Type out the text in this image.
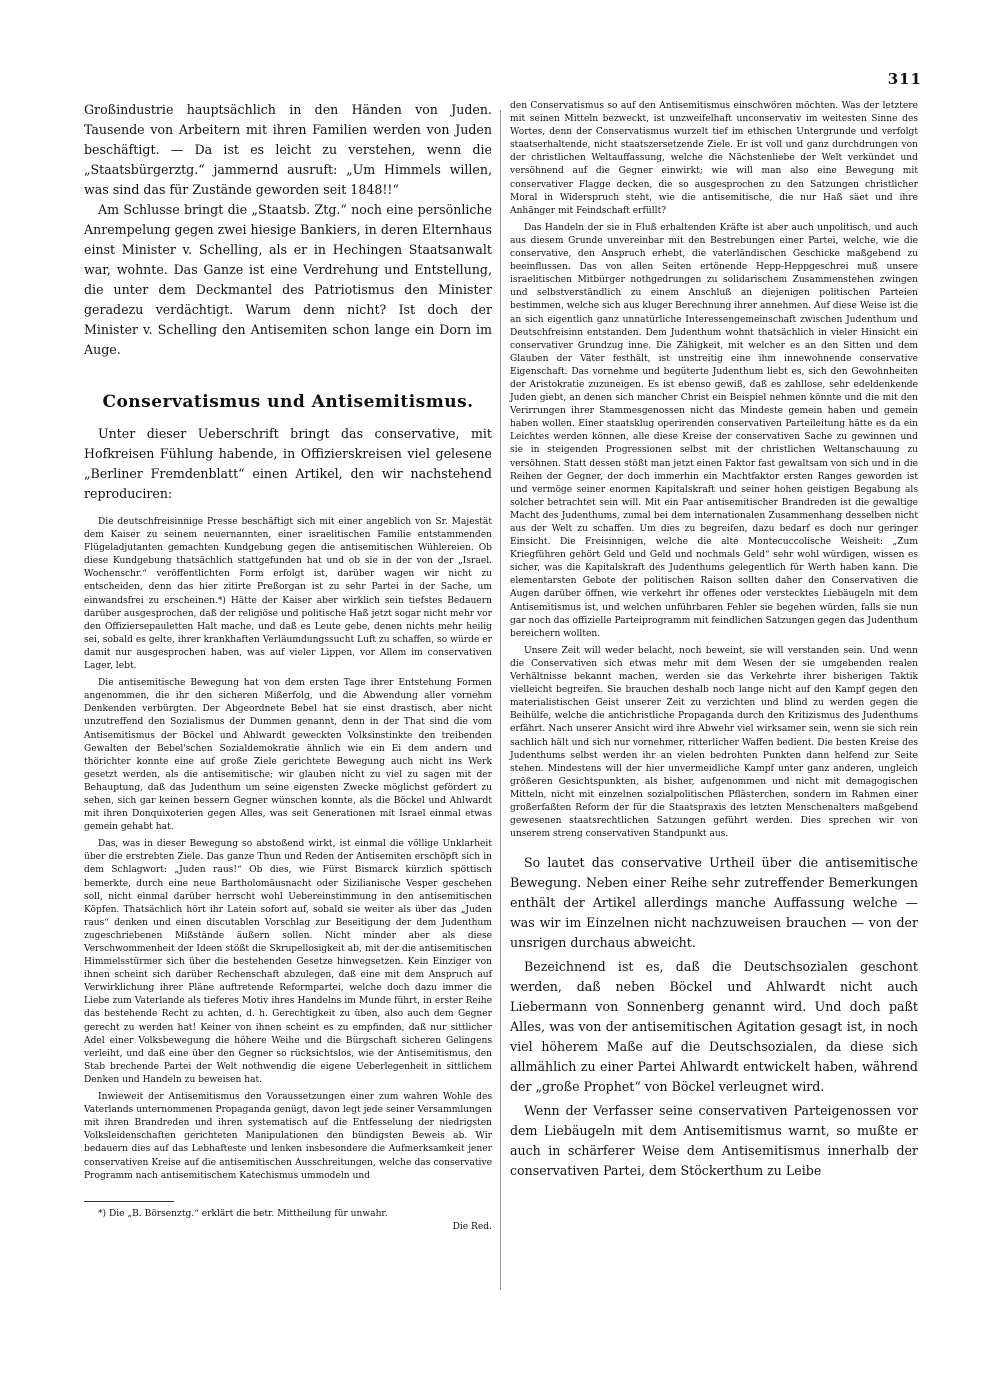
311

Großindustrie hauptsächlich in den Händen von Juden. Tausende von Arbeitern mit ihren Familien werden von Juden beschäftigt. — Da ist es leicht zu verstehen, wenn die „Staatsbürgerztg.“ jammernd ausruft: „Um Himmels willen, was sind das für Zustände geworden seit 1848!!“

Am Schlusse bringt die „Staatsb. Ztg.“ noch eine persönliche Anrempelung gegen zwei hiesige Bankiers, in deren Elternhaus einst Minister v. Schelling, als er in Hechingen Staatsanwalt war, wohnte. Das Ganze ist eine Verdrehung und Entstellung, die unter dem Deckmantel des Patriotismus den Minister geradezu verdächtigt. Warum denn nicht? Ist doch der Minister v. Schelling den Antisemiten schon lange ein Dorn im Auge.

Conservatismus und Antisemitismus.

Unter dieser Ueberschrift bringt das conservative, mit Hofkreisen Fühlung habende, in Offizierskreisen viel gelesene „Berliner Fremdenblatt“ einen Artikel, den wir nachstehend reproduciren:

Die deutschfreisinnige Presse beschäftigt sich mit einer angeblich von Sr. Majestät dem Kaiser zu seinem neuernannten, einer israelitischen Familie entstammenden Flügeladjutanten gemachten Kundgebung gegen die antisemitischen Wühlereien. Ob diese Kundgebung thatsächlich stattgefunden hat und ob sie in der von der „Israel. Wochenschr.“ veröffentlichten Form erfolgt ist, darüber wagen wir nicht zu entscheiden, denn das hier zitirte Preßorgan ist zu sehr Partei in der Sache, um einwandsfrei zu erscheinen.*) Hätte der Kaiser aber wirklich sein tiefstes Bedauern darüber ausgesprochen, daß der religiöse und politische Haß jetzt sogar nicht mehr vor den Offiziersepauletten Halt mache, und daß es Leute gebe, denen nichts mehr heilig sei, sobald es gelte, ihrer krankhaften Verläumdungssucht Luft zu schaffen, so würde er damit nur ausgesprochen haben, was auf vieler Lippen, vor Allem im conservativen Lager, lebt.

Die antisemitische Bewegung hat von dem ersten Tage ihrer Entstehung Formen angenommen, die ihr den sicheren Mißerfolg, und die Abwendung aller vornehm Denkenden verbürgten. Der Abgeordnete Bebel hat sie einst drastisch, aber nicht unzutreffend den Sozialismus der Dummen genannt, denn in der That sind die vom Antisemitismus der Böckel und Ahlwardt geweckten Volksinstinkte den treibenden Gewalten der Bebel'schen Sozialdemokratie ähnlich wie ein Ei dem andern und thörichter konnte eine auf große Ziele gerichtete Bewegung auch nicht ins Werk gesetzt werden, als die antisemitische; wir glauben nicht zu viel zu sagen mit der Behauptung, daß das Judenthum um seine eigensten Zwecke möglichst gefördert zu sehen, sich gar keinen bessern Gegner wünschen konnte, als die Böckel und Ahlwardt mit ihren Donquixoterien gegen Alles, was seit Generationen mit Israel einmal etwas gemein gehabt hat.

Das, was in dieser Bewegung so abstoßend wirkt, ist einmal die völlige Unklarheit über die erstrebten Ziele. Das ganze Thun und Reden der Antisemiten erschöpft sich in dem Schlagwort: „Juden raus!“ Ob dies, wie Fürst Bismarck kürzlich spöttisch bemerkte, durch eine neue Bartholomäusnacht oder Sizilianische Vesper geschehen soll, nicht einmal darüber herrscht wohl Uebereinstimmung in den antisemitischen Köpfen. Thatsächlich hört ihr Latein sofort auf, sobald sie weiter als über das „Juden raus“ denken und einen discutablen Vorschlag zur Beseitigung der dem Judenthum zugeschriebenen Mißstände äußern sollen. Nicht minder aber als diese Verschwommenheit der Ideen stößt die Skrupellosigkeit ab, mit der die antisemitischen Himmelsstürmer sich über die bestehenden Gesetze hinwegsetzen. Kein Einziger von ihnen scheint sich darüber Rechenschaft abzulegen, daß eine mit dem Anspruch auf Verwirklichung ihrer Pläne auftretende Reformpartei, welche doch dazu immer die Liebe zum Vaterlande als tieferes Motiv ihres Handelns im Munde führt, in erster Reihe das bestehende Recht zu achten, d. h. Gerechtigkeit zu üben, also auch dem Gegner gerecht zu werden hat! Keiner von ihnen scheint es zu empfinden, daß nur sittlicher Adel einer Volksbewegung die höhere Weihe und die Bürgschaft sicheren Gelingens verleiht, und daß eine über den Gegner so rücksichtslos, wie der Antisemitismus, den Stab brechende Partei der Welt nothwendig die eigene Ueberlegenheit in sittlichem Denken und Handeln zu beweisen hat.

Inwieweit der Antisemitismus den Voraussetzungen einer zum wahren Wohle des Vaterlands unternommenen Propaganda genügt, davon legt jede seiner Versammlungen mit ihren Brandreden und ihren systematisch auf die Entfesselung der niedrigsten Volksleidenschaften gerichteten Manipulationen den bündigsten Beweis ab. Wir bedauern dies auf das Lebhafteste und lenken insbesondere die Aufmerksamkeit jener conservativen Kreise auf die antisemitischen Ausschreitungen, welche das conservative Programm nach antisemitischem Katechismus ummodeln und

*) Die „B. Börsenztg.“ erklärt die betr. Mittheilung für unwahr.

Die Red.

den Conservatismus so auf den Antisemitismus einschwören möchten. Was der letztere mit seinen Mitteln bezweckt, ist unzweifelhaft unconservativ im weitesten Sinne des Wortes, denn der Conservatismus wurzelt tief im ethischen Untergrunde und verfolgt staatserhaltende, nicht staatszersetzende Ziele. Er ist voll und ganz durchdrungen von der christlichen Weltauffassung, welche die Nächstenliebe der Welt verkündet und versöhnend auf die Gegner einwirkt; wie will man also eine Bewegung mit conservativer Flagge decken, die so ausgesprochen zu den Satzungen christlicher Moral in Widerspruch steht, wie die antisemitische, die nur Haß säet und ihre Anhänger mit Feindschaft erfüllt?

Das Handeln der sie in Fluß erhaltenden Kräfte ist aber auch unpolitisch, und auch aus diesem Grunde unvereinbar mit den Bestrebungen einer Partei, welche, wie die conservative, den Anspruch erhebt, die vaterländischen Geschicke maßgebend zu beeinflussen. Das von allen Seiten ertönende Hepp-Heppgeschrei muß unsere israelitischen Mitbürger nothgedrungen zu solidarischem Zusammenstehen zwingen und selbstverständlich zu einem Anschluß an diejenigen politischen Parteien bestimmen, welche sich aus kluger Berechnung ihrer annehmen. Auf diese Weise ist die an sich eigentlich ganz unnatürliche Interessengemeinschaft zwischen Judenthum und Deutschfreisinn entstanden. Dem Judenthum wohnt thatsächlich in vieler Hinsicht ein conservativer Grundzug inne. Die Zähigkeit, mit welcher es an den Sitten und dem Glauben der Väter festhält, ist unstreitig eine ihm innewohnende conservative Eigenschaft. Das vornehme und begüterte Judenthum liebt es, sich den Gewohnheiten der Aristokratie zuzuneigen. Es ist ebenso gewiß, daß es zahllose, sehr edeldenkende Juden giebt, an denen sich mancher Christ ein Beispiel nehmen könnte und die mit den Verirrungen ihrer Stammesgenossen nicht das Mindeste gemein haben und gemein haben wollen. Einer staatsklug operirenden conservativen Parteileitung hätte es da ein Leichtes werden können, alle diese Kreise der conservativen Sache zu gewinnen und sie in steigenden Progressionen selbst mit der christlichen Weltanschauung zu versöhnen. Statt dessen stößt man jetzt einen Faktor fast gewaltsam von sich und in die Reihen der Gegner, der doch immerhin ein Machtfaktor ersten Ranges geworden ist und vermöge seiner enormen Kapitalskraft und seiner hohen geistigen Begabung als solcher betrachtet sein will. Mit ein Paar antisemitischer Brandreden ist die gewaltige Macht des Judenthums, zumal bei dem internationalen Zusammenhang desselben nicht aus der Welt zu schaffen. Um dies zu begreifen, dazu bedarf es doch nur geringer Einsicht. Die Freisinnigen, welche die alte Montecuccolische Weisheit: „Zum Kriegführen gehört Geld und Geld und nochmals Geld“ sehr wohl würdigen, wissen es sicher, was die Kapitalskraft des Judenthums gelegentlich für Werth haben kann. Die elementarsten Gebote der politischen Raison sollten daher den Conservativen die Augen darüber öffnen, wie verkehrt ihr offenes oder verstecktes Liebäugeln mit dem Antisemitismus ist, und welchen unführbaren Fehler sie begehen würden, falls sie nun gar noch das offizielle Parteiprogramm mit feindlichen Satzungen gegen das Judenthum bereichern wollten.

Unsere Zeit will weder belacht, noch beweint, sie will verstanden sein. Und wenn die Conservativen sich etwas mehr mit dem Wesen der sie umgebenden realen Verhältnisse bekannt machen, werden sie das Verkehrte ihrer bisherigen Taktik vielleicht begreifen. Sie brauchen deshalb noch lange nicht auf den Kampf gegen den materialistischen Geist unserer Zeit zu verzichten und blind zu werden gegen die Beihülfe, welche die antichristliche Propaganda durch den Kritizismus des Judenthums erfährt. Nach unserer Ansicht wird ihre Abwehr viel wirksamer sein, wenn sie sich rein sachlich hält und sich nur vornehmer, ritterlicher Waffen bedient. Die besten Kreise des Judenthums selbst werden ihr an vielen bedrohten Punkten dann helfend zur Seite stehen. Mindestens will der hier unvermeidliche Kampf unter ganz anderen, ungleich größeren Gesichtspunkten, als bisher, aufgenommen und nicht mit demagogischen Mitteln, nicht mit einzelnen sozialpolitischen Pflästerchen, sondern im Rahmen einer großerfaßten Reform der für die Staatspraxis des letzten Menschenalters maßgebend gewesenen staatsrechtlichen Satzungen geführt werden. Dies sprechen wir von unserem streng conservativen Standpunkt aus.

So lautet das conservative Urtheil über die antisemitische Bewegung. Neben einer Reihe sehr zutreffender Bemerkungen enthält der Artikel allerdings manche Auffassung welche — was wir im Einzelnen nicht nachzuweisen brauchen — von der unsrigen durchaus abweicht.

Bezeichnend ist es, daß die Deutschsozialen geschont werden, daß neben Böckel und Ahlwardt nicht auch Liebermann von Sonnenberg genannt wird. Und doch paßt Alles, was von der antisemitischen Agitation gesagt ist, in noch viel höherem Maße auf die Deutschsozialen, da diese sich allmählich zu einer Partei Ahlwardt entwickelt haben, während der „große Prophet“ von Böckel verleugnet wird.

Wenn der Verfasser seine conservativen Parteigenossen vor dem Liebäugeln mit dem Antisemitismus warnt, so mußte er auch in schärferer Weise dem Antisemitismus innerhalb der conservativen Partei, dem Stöckerthum zu Leibe
